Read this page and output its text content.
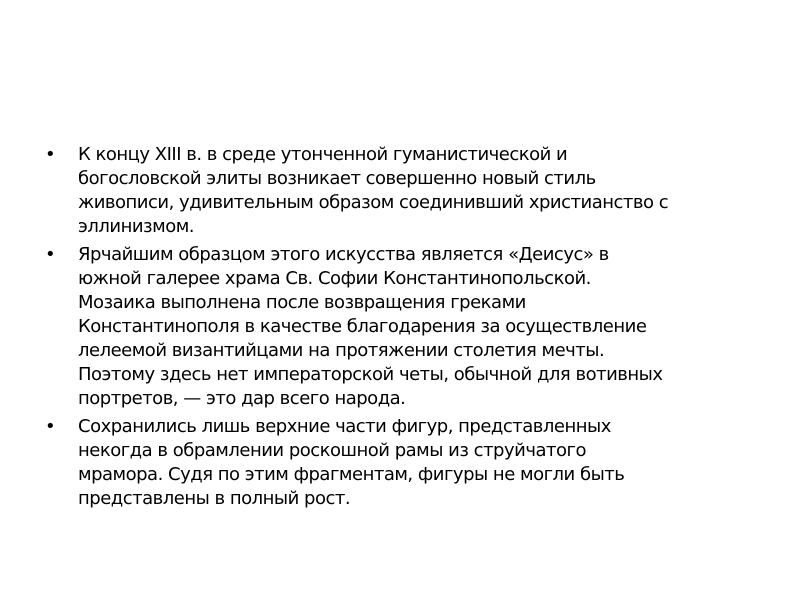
• К концу XIII в. в среде утонченной гуманистической и
богословской элиты возникает совершенно новый стиль
живописи, удивительным образом соединивший христианство с
эллинизмом.
• Ярчайшим образцом этого искусства является «Деисус» в
южной галерее храма Св. Софии Константинопольской.
Мозаика выполнена после возвращения греками
Константинополя в качестве благодарения за осуществление
лелеемой византийцами на протяжении столетия мечты.
Поэтому здесь нет императорской четы, обычной для вотивных
портретов, — это дар всего народа.
• Сохранились лишь верхние части фигур, представленных
некогда в обрамлении роскошной рамы из струйчатого
мрамора. Судя по этим фрагментам, фигуры не могли быть
представлены в полный рост.
